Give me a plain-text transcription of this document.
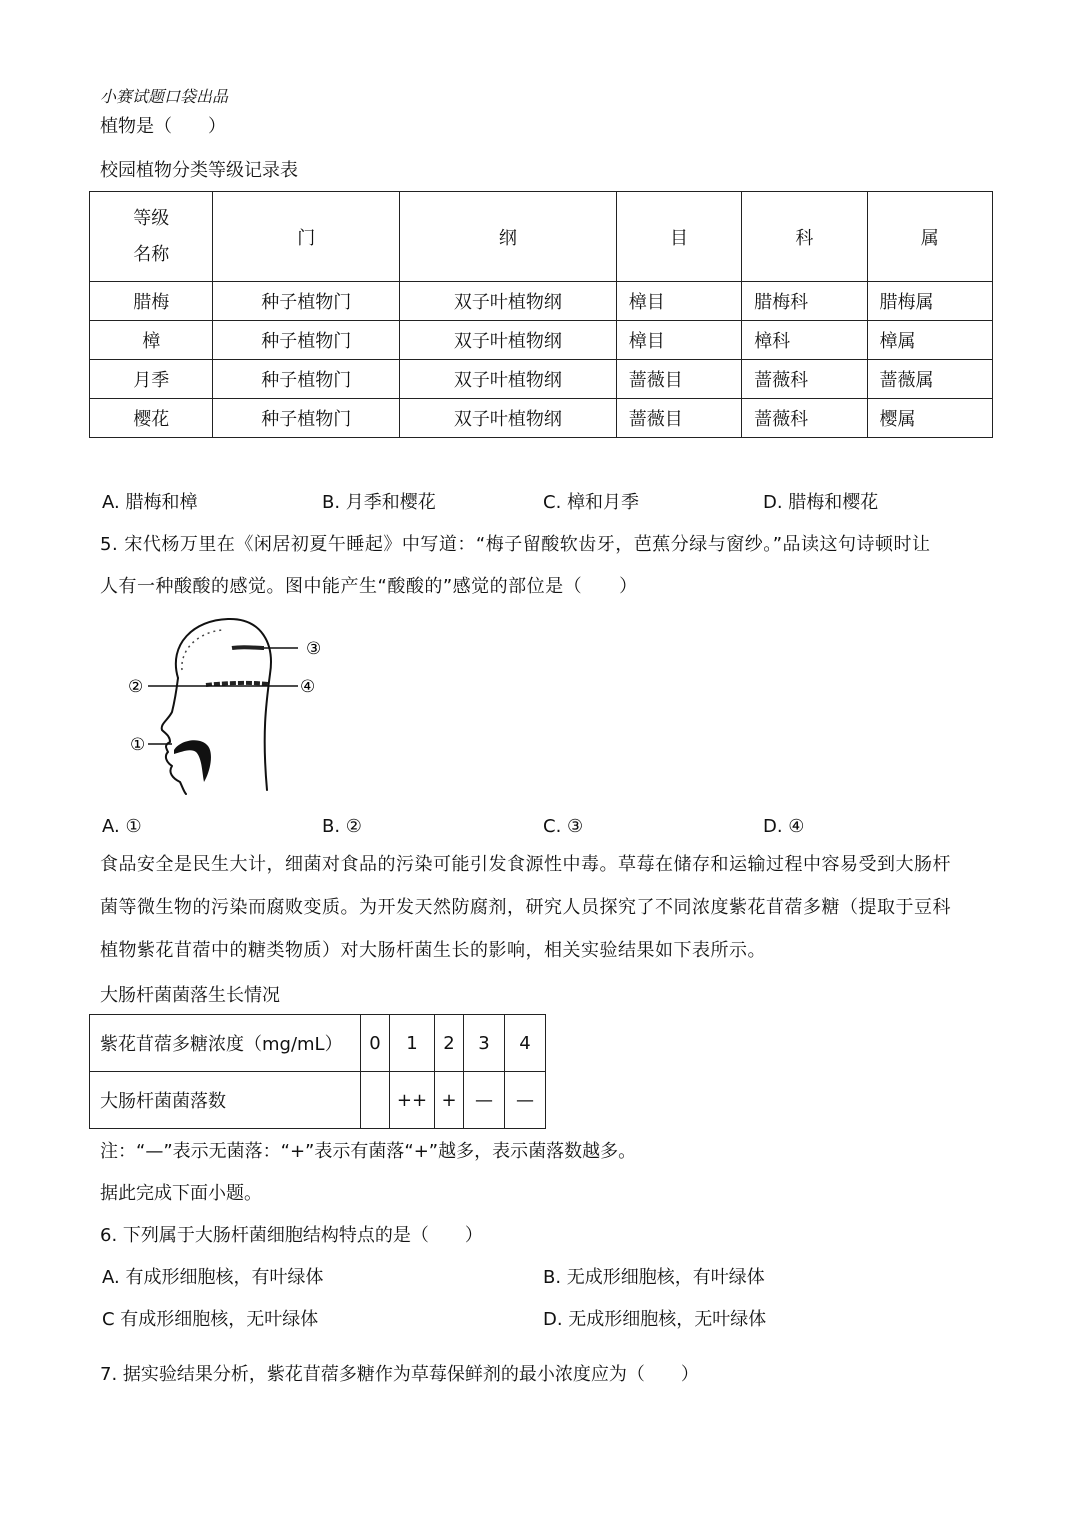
小赛试题口袋出品
植物是（　　）
校园植物分类等级记录表
等级
名称	门	纲	目	科	属
腊梅	种子植物门	双子叶植物纲	樟目	腊梅科	腊梅属
樟	种子植物门	双子叶植物纲	樟目	樟科	樟属
月季	种子植物门	双子叶植物纲	蔷薇目	蔷薇科	蔷薇属
樱花	种子植物门	双子叶植物纲	蔷薇目	蔷薇科	樱属
A. 腊梅和樟	B. 月季和樱花	C. 樟和月季	D. 腊梅和樱花
5. 宋代杨万里在《闲居初夏午睡起》中写道：“梅子留酸软齿牙，芭蕉分绿与窗纱。”品读这句诗顿时让
人有一种酸酸的感觉。图中能产生“酸酸的”感觉的部位是（　　）
③
②	④
①
A. ①	B. ②	C. ③	D. ④
食品安全是民生大计，细菌对食品的污染可能引发食源性中毒。草莓在储存和运输过程中容易受到大肠杆
菌等微生物的污染而腐败变质。为开发天然防腐剂，研究人员探究了不同浓度紫花苜蓿多糖（提取于豆科
植物紫花苜蓿中的糖类物质）对大肠杆菌生长的影响，相关实验结果如下表所示。
大肠杆菌菌落生长情况
紫花苜蓿多糖浓度（mg/mL）	0	1	2	3	4
大肠杆菌菌落数		++	+	—	—
注：“—”表示无菌落：“+”表示有菌落“+”越多，表示菌落数越多。
据此完成下面小题。
6. 下列属于大肠杆菌细胞结构特点的是（　　）
A. 有成形细胞核，有叶绿体	B. 无成形细胞核，有叶绿体
C 有成形细胞核，无叶绿体	D. 无成形细胞核，无叶绿体
7. 据实验结果分析，紫花苜蓿多糖作为草莓保鲜剂的最小浓度应为（　　）
